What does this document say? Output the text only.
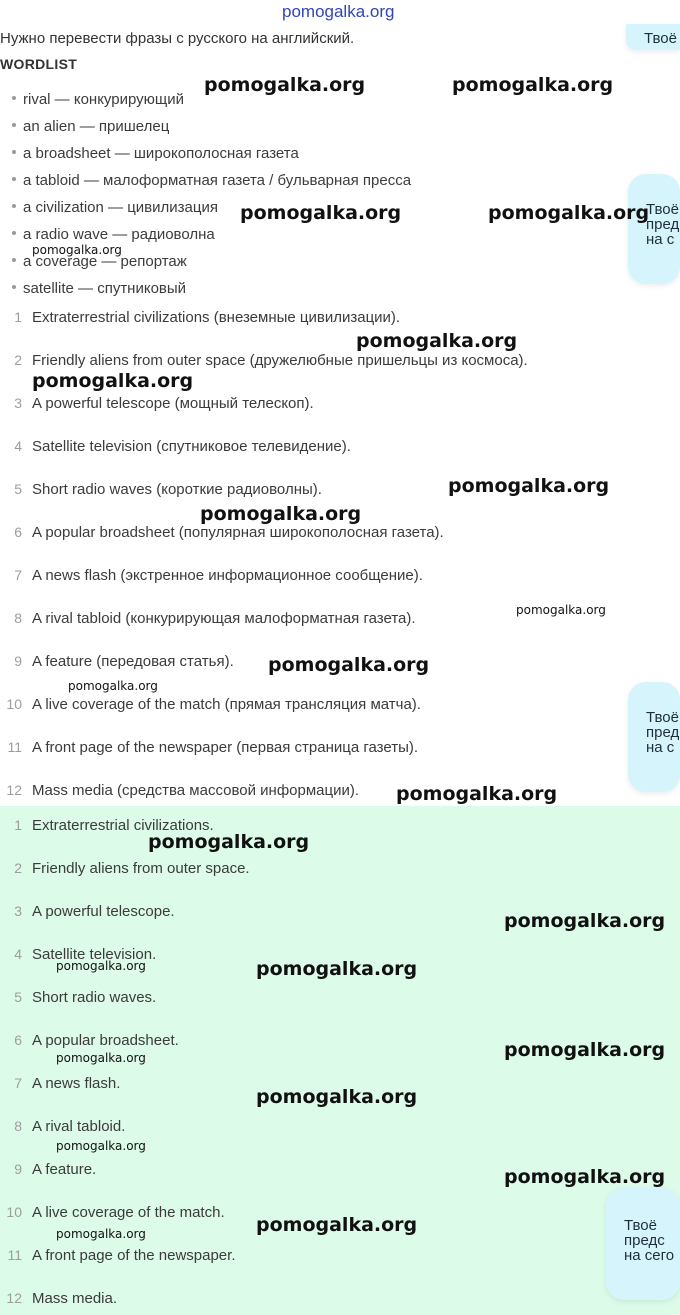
pomogalka.org
Твоё

Нужно перевести фразы с русского на английский.

WORDLIST
rival — конкурирующий
an alien — пришелец
a broadsheet — широкополосная газета
a tabloid — малоформатная газета / бульварная пресса
a civilization — цивилизация
a radio wave — радиоволна
a coverage — репортаж
satellite — спутниковый
Твоё
пред
на с
1 Extraterrestrial civilizations (внеземные цивилизации).
2 Friendly aliens from outer space (дружелюбные пришельцы из космоса).
3 A powerful telescope (мощный телескоп).
4 Satellite television (спутниковое телевидение).
5 Short radio waves (короткие радиоволны).
6 A popular broadsheet (популярная широкополосная газета).
7 A news flash (экстренное информационное сообщение).
8 A rival tabloid (конкурирующая малоформатная газета).
9 A feature (передовая статья).
10 A live coverage of the match (прямая трансляция матча).
11 A front page of the newspaper (первая страница газеты).
12 Mass media (средства массовой информации).
Твоё
пред
на с
1 Extraterrestrial civilizations.
2 Friendly aliens from outer space.
3 A powerful telescope.
4 Satellite television.
5 Short radio waves.
6 A popular broadsheet.
7 A news flash.
8 A rival tabloid.
9 A feature.
10 A live coverage of the match.
11 A front page of the newspaper.
12 Mass media.
Твоё
предс
на сего
pomogalka.org	pomogalka.org
pomogalka.org	pomogalka.org
pomogalka.org
pomogalka.org
pomogalka.org
pomogalka.org
pomogalka.org
pomogalka.org
pomogalka.org
pomogalka.org
pomogalka.org
pomogalka.org
pomogalka.org
pomogalka.org	pomogalka.org
pomogalka.org
pomogalka.org
pomogalka.org
pomogalka.org
pomogalka.org
pomogalka.org
pomogalka.org
